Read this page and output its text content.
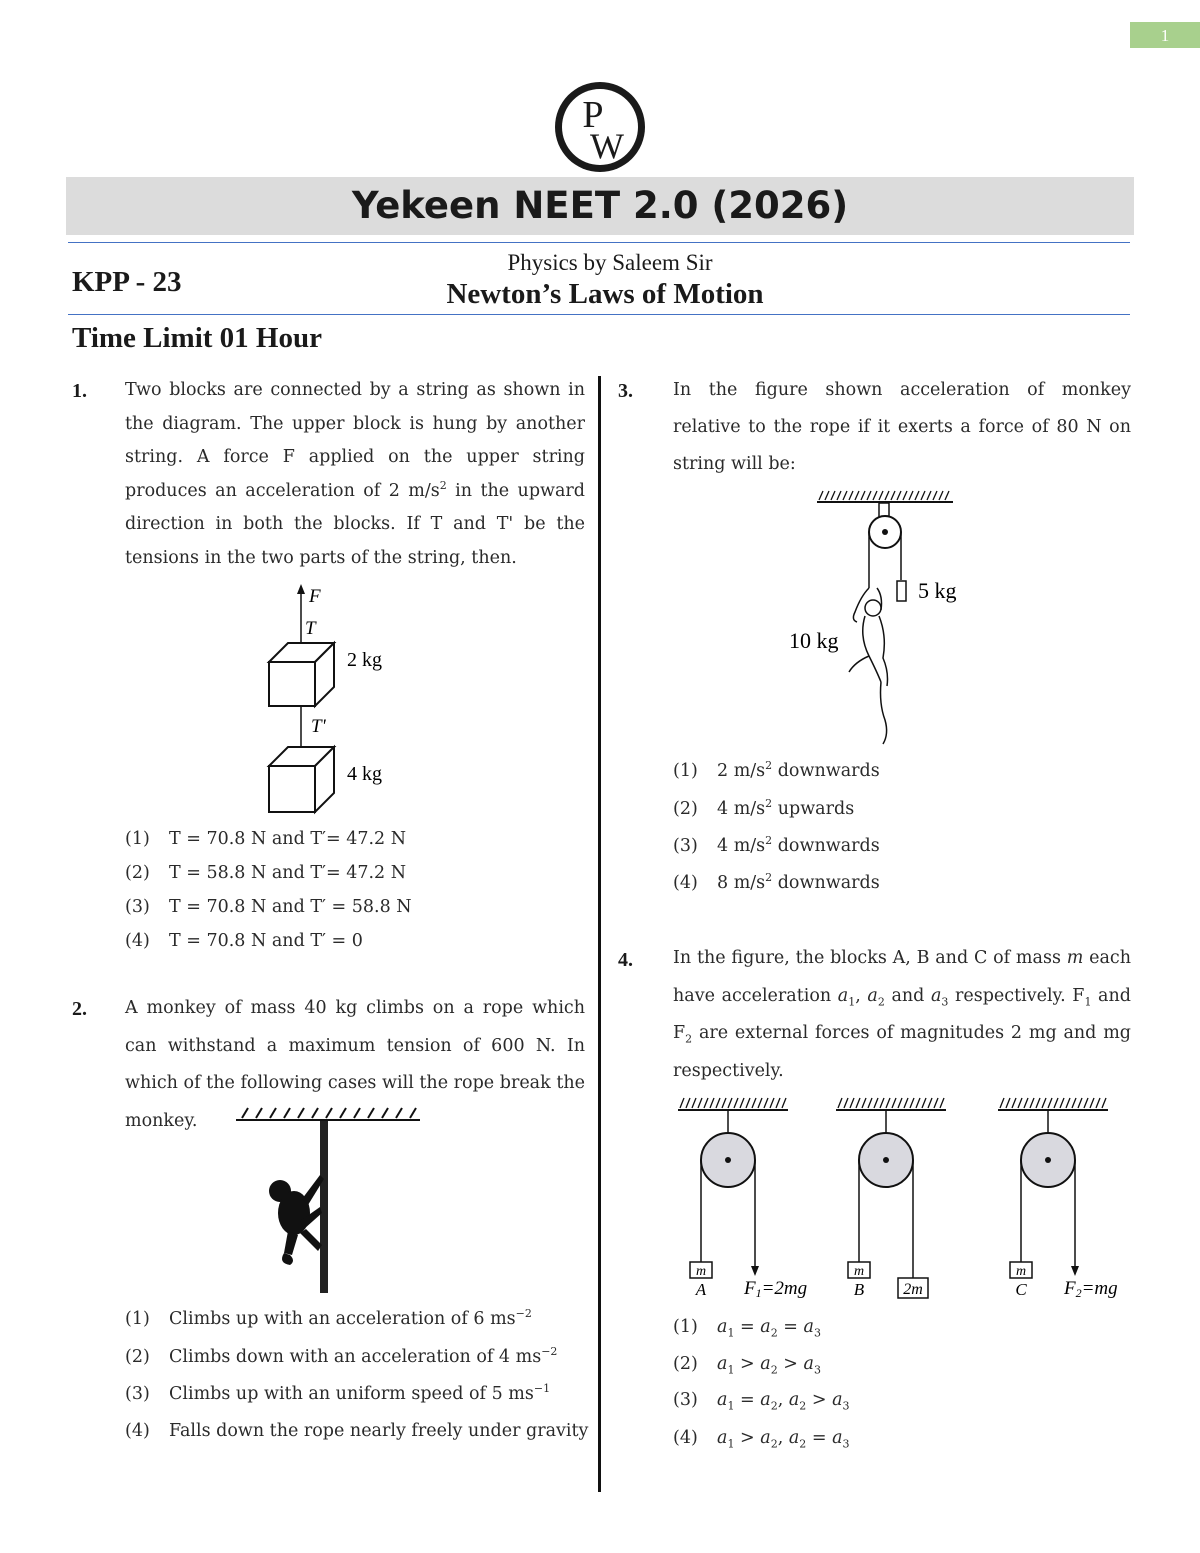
1
P
W
Yekeen NEET 2.0 (2026)
KPP - 23
Physics by Saleem Sir
Newton’s Laws of Motion
Time Limit 01 Hour
1. Two blocks are connected by a string as shown in the diagram. The upper block is hung by another string. A force F applied on the upper string produces an acceleration of 2 $m/s^2$ in the upward direction in both the blocks. If T and T' be the tensions in the two parts of the string, then.
F
T
2 kg
T'
4 kg
(1) T = 70.8 N and T′= 47.2 N
(2) T = 58.8 N and T′= 47.2 N
(3) T = 70.8 N and T′ = 58.8 N
(4) T = 70.8 N and T′ = 0
2. A monkey of mass 40 kg climbs on a rope which can withstand a maximum tension of 600 N. In which of the following cases will the rope break the monkey.
(1) Climbs up with an acceleration of 6 $ms^{-2}$
(2) Climbs down with an acceleration of 4 $ms^{-2}$
(3) Climbs up with an uniform speed of 5 $ms^{-1}$
(4) Falls down the rope nearly freely under gravity
3. In the figure shown acceleration of monkey relative to the rope if it exerts a force of 80 N on string will be:
5 kg
10 kg
(1) 2 $m/s^2$ downwards
(2) 4 $m/s^2$ upwards
(3) 4 $m/s^2$ downwards
(4) 8 $m/s^2$ downwards
4. In the figure, the blocks A, B and C of mass m each have acceleration $a_1$, $a_2$ and $a_3$ respectively. $F_1$ and $F_2$ are external forces of magnitudes 2 mg and mg respectively.
m
A F1=2mg
m
B 2m
m
C F2=mg
(1) $a_1 = a_2 = a_3$
(2) $a_1 > a_2 > a_3$
(3) $a_1 = a_2$, $a_2 > a_3$
(4) $a_1 > a_2$, $a_2 = a_3$
